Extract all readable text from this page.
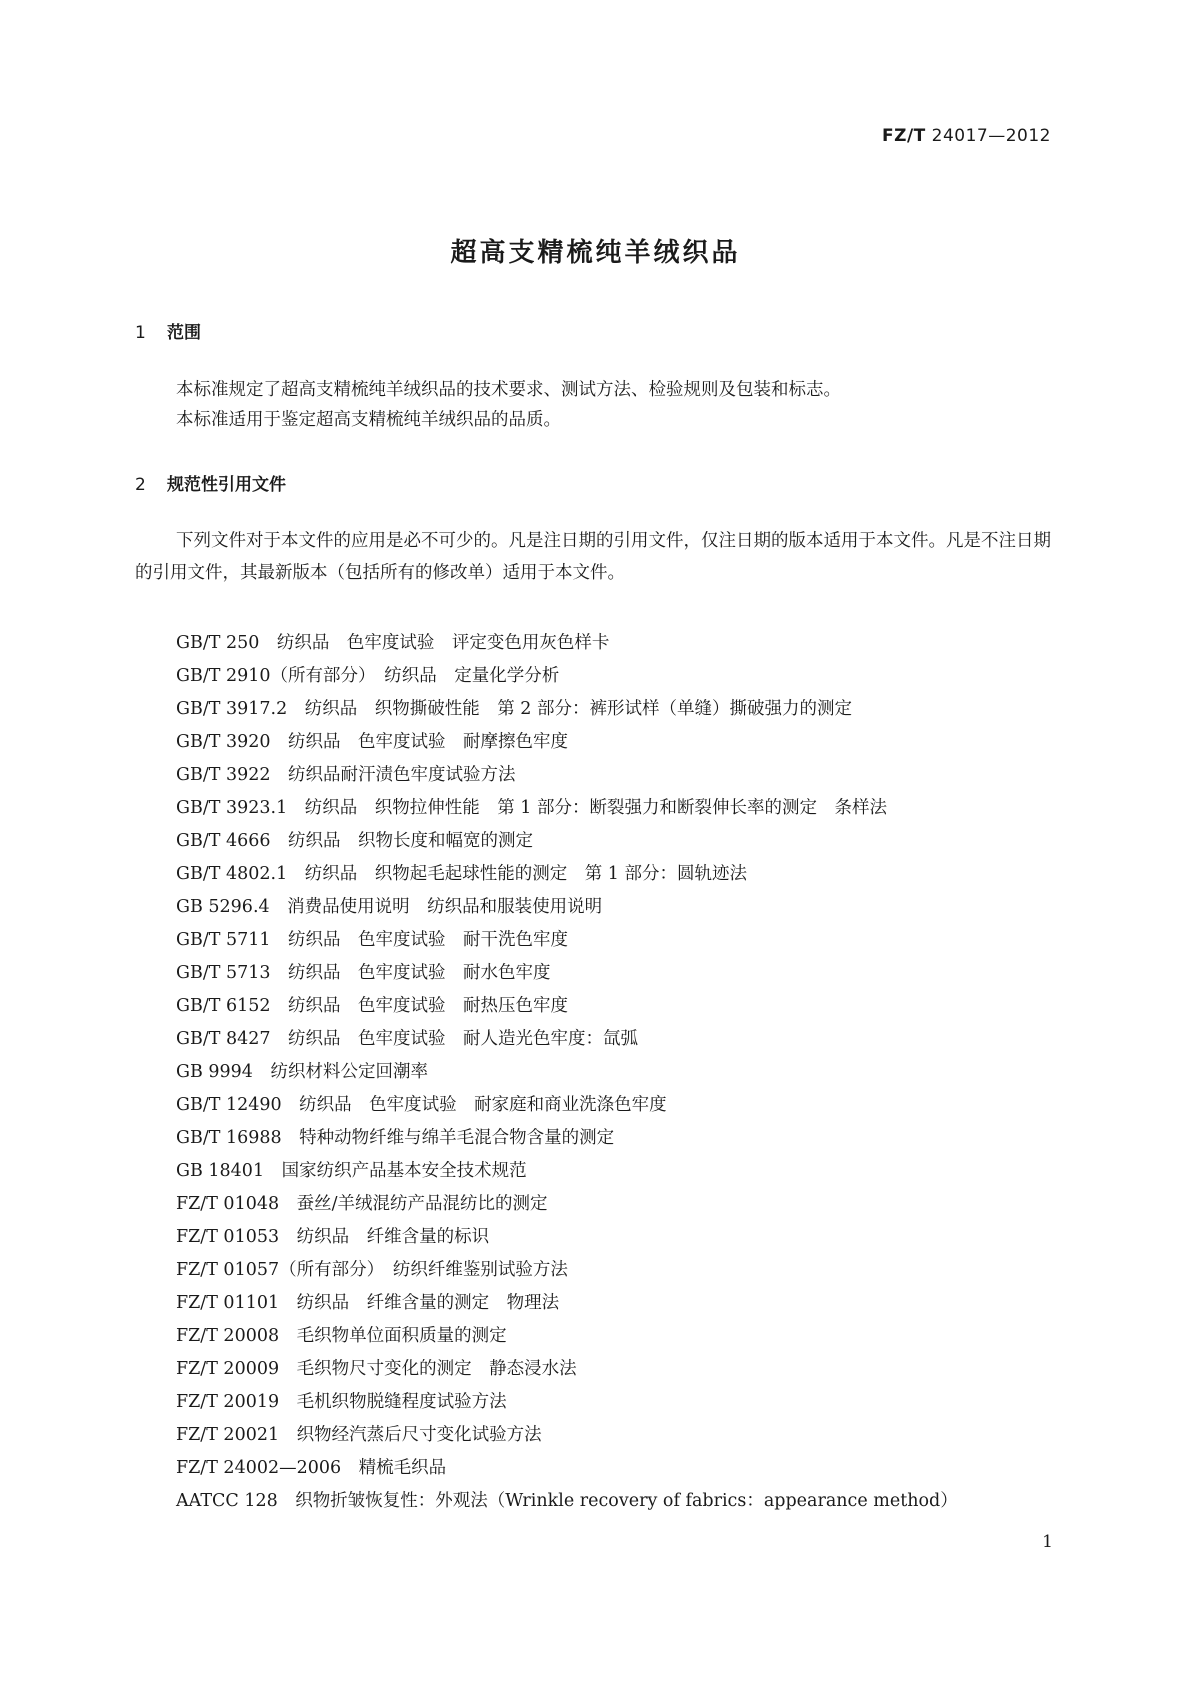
FZ/T 24017—2012
超高支精梳纯羊绒织品
1 范围
本标准规定了超高支精梳纯羊绒织品的技术要求、测试方法、检验规则及包装和标志。
本标准适用于鉴定超高支精梳纯羊绒织品的品质。
2 规范性引用文件
下列文件对于本文件的应用是必不可少的。凡是注日期的引用文件，仅注日期的版本适用于本文件。凡是不注日期的引用文件，其最新版本（包括所有的修改单）适用于本文件。
GB/T 250　纺织品　色牢度试验　评定变色用灰色样卡
GB/T 2910（所有部分）　纺织品　定量化学分析
GB/T 3917.2　纺织品　织物撕破性能　第 2 部分：裤形试样（单缝）撕破强力的测定
GB/T 3920　纺织品　色牢度试验　耐摩擦色牢度
GB/T 3922　纺织品耐汗渍色牢度试验方法
GB/T 3923.1　纺织品　织物拉伸性能　第 1 部分：断裂强力和断裂伸长率的测定　条样法
GB/T 4666　纺织品　织物长度和幅宽的测定
GB/T 4802.1　纺织品　织物起毛起球性能的测定　第 1 部分：圆轨迹法
GB 5296.4　消费品使用说明　纺织品和服装使用说明
GB/T 5711　纺织品　色牢度试验　耐干洗色牢度
GB/T 5713　纺织品　色牢度试验　耐水色牢度
GB/T 6152　纺织品　色牢度试验　耐热压色牢度
GB/T 8427　纺织品　色牢度试验　耐人造光色牢度：氙弧
GB 9994　纺织材料公定回潮率
GB/T 12490　纺织品　色牢度试验　耐家庭和商业洗涤色牢度
GB/T 16988　特种动物纤维与绵羊毛混合物含量的测定
GB 18401　国家纺织产品基本安全技术规范
FZ/T 01048　蚕丝/羊绒混纺产品混纺比的测定
FZ/T 01053　纺织品　纤维含量的标识
FZ/T 01057（所有部分）　纺织纤维鉴别试验方法
FZ/T 01101　纺织品　纤维含量的测定　物理法
FZ/T 20008　毛织物单位面积质量的测定
FZ/T 20009　毛织物尺寸变化的测定　静态浸水法
FZ/T 20019　毛机织物脱缝程度试验方法
FZ/T 20021　织物经汽蒸后尺寸变化试验方法
FZ/T 24002—2006　精梳毛织品
AATCC 128　织物折皱恢复性：外观法（Wrinkle recovery of fabrics：appearance method）
1
